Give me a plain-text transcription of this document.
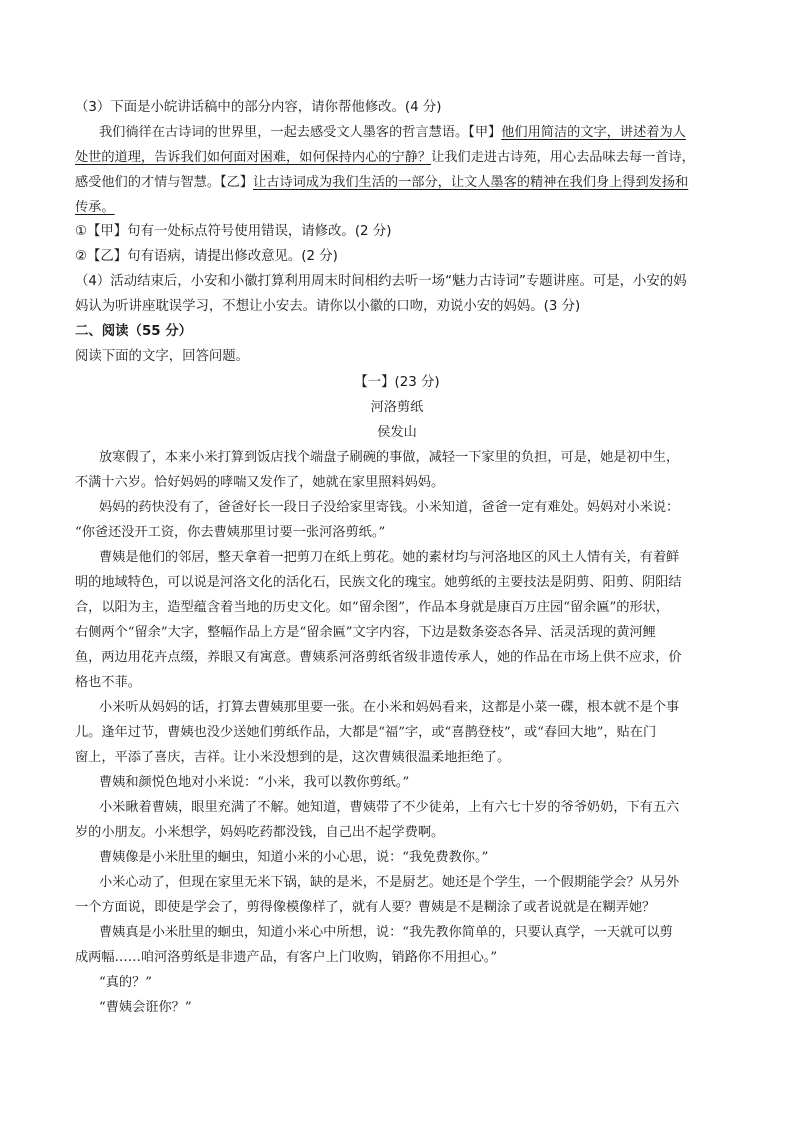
（3）下面是小皖讲话稿中的部分内容，请你帮他修改。(4 分)
我们徜徉在古诗词的世界里，一起去感受文人墨客的哲言慧语。【甲】他们用简洁的文字，讲述着为人
处世的道理，告诉我们如何面对困难，如何保持内心的宁静？让我们走进古诗苑，用心去品味去每一首诗，
感受他们的才情与智慧。【乙】让古诗词成为我们生活的一部分，让文人墨客的精神在我们身上得到发扬和
传承。
①【甲】句有一处标点符号使用错误，请修改。(2 分)
②【乙】句有语病，请提出修改意见。(2 分)
（4）活动结束后，小安和小徽打算利用周末时间相约去听一场“魅力古诗词”专题讲座。可是，小安的妈
妈认为听讲座耽误学习，不想让小安去。请你以小徽的口吻，劝说小安的妈妈。(3 分)
二、阅读（55 分）
阅读下面的文字，回答问题。
【一】(23 分)
河洛剪纸
侯发山
放寒假了，本来小米打算到饭店找个端盘子刷碗的事做，减轻一下家里的负担，可是，她是初中生，
不满十六岁。恰好妈妈的哮喘又发作了，她就在家里照料妈妈。
妈妈的药快没有了，爸爸好长一段日子没给家里寄钱。小米知道，爸爸一定有难处。妈妈对小米说：
“你爸还没开工资，你去曹姨那里讨要一张河洛剪纸。”
曹姨是他们的邻居，整天拿着一把剪刀在纸上剪花。她的素材均与河洛地区的风土人情有关，有着鲜
明的地域特色，可以说是河洛文化的活化石，民族文化的瑰宝。她剪纸的主要技法是阴剪、阳剪、阴阳结
合，以阳为主，造型蕴含着当地的历史文化。如“留余图”，作品本身就是康百万庄园“留余匾”的形状，
右侧两个“留余”大字，整幅作品上方是“留余匾”文字内容，下边是数条姿态各异、活灵活现的黄河鲤
鱼，两边用花卉点缀，养眼又有寓意。曹姨系河洛剪纸省级非遗传承人，她的作品在市场上供不应求，价
格也不菲。
小米听从妈妈的话，打算去曹姨那里要一张。在小米和妈妈看来，这都是小菜一碟，根本就不是个事
儿。逢年过节，曹姨也没少送她们剪纸作品，大都是“福”字，或“喜鹊登枝”，或“春回大地”，贴在门
窗上，平添了喜庆，吉祥。让小米没想到的是，这次曹姨很温柔地拒绝了。
曹姨和颜悦色地对小米说：“小米，我可以教你剪纸。”
小米瞅着曹姨，眼里充满了不解。她知道，曹姨带了不少徒弟，上有六七十岁的爷爷奶奶，下有五六
岁的小朋友。小米想学，妈妈吃药都没钱，自己出不起学费啊。
曹姨像是小米肚里的蛔虫，知道小米的小心思，说：“我免费教你。”
小米心动了，但现在家里无米下锅，缺的是米，不是厨艺。她还是个学生，一个假期能学会？从另外
一个方面说，即使是学会了，剪得像模像样了，就有人要？曹姨是不是糊涂了或者说就是在糊弄她？
曹姨真是小米肚里的蛔虫，知道小米心中所想，说：“我先教你简单的，只要认真学，一天就可以剪
成两幅……咱河洛剪纸是非遗产品，有客户上门收购，销路你不用担心。”
“真的？”
“曹姨会诳你？”
